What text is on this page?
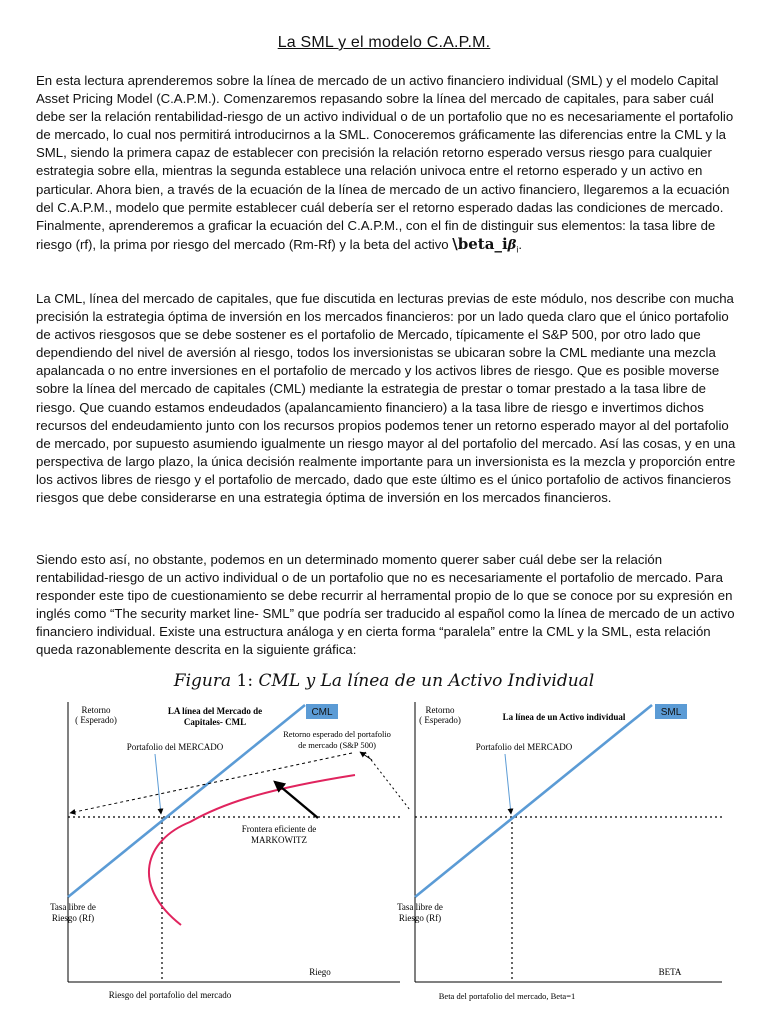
La SML y el modelo C.A.P.M.

En esta lectura aprenderemos sobre la línea de mercado de un activo financiero individual (SML) y el modelo Capital Asset Pricing Model (C.A.P.M.). Comenzaremos repasando sobre la línea del mercado de capitales, para saber cuál debe ser la relación rentabilidad-riesgo de un activo individual o de un portafolio que no es necesariamente el portafolio de mercado, lo cual nos permitirá introducirnos a la SML. Conoceremos gráficamente las diferencias entre la CML y la SML, siendo la primera capaz de establecer con precisión la relación retorno esperado versus riesgo para cualquier estrategia sobre ella, mientras la segunda establece una relación univoca entre el retorno esperado y un activo en particular. Ahora bien, a través de la ecuación de la línea de mercado de un activo financiero, llegaremos a la ecuación del C.A.P.M., modelo que permite establecer cuál debería ser el retorno esperado dadas las condiciones de mercado. Finalmente, aprenderemos a graficar la ecuación del C.A.P.M., con el fin de distinguir sus elementos: la tasa libre de riesgo (rf), la prima por riesgo del mercado (Rm-Rf) y la beta del activo $\backslash beta\_i\beta_i$.

La CML, línea del mercado de capitales, que fue discutida en lecturas previas de este módulo, nos describe con mucha precisión la estrategia óptima de inversión en los mercados financieros: por un lado queda claro que el único portafolio de activos riesgosos que se debe sostener es el portafolio de Mercado, típicamente el S&P 500, por otro lado que dependiendo del nivel de aversión al riesgo, todos los inversionistas se ubicaran sobre la CML mediante una mezcla apalancada o no entre inversiones en el portafolio de mercado y los activos libres de riesgo. Que es posible moverse sobre la línea del mercado de capitales (CML) mediante la estrategia de prestar o tomar prestado a la tasa libre de riesgo. Que cuando estamos endeudados (apalancamiento financiero) a la tasa libre de riesgo e invertimos dichos recursos del endeudamiento junto con los recursos propios podemos tener un retorno esperado mayor al del portafolio de mercado, por supuesto asumiendo igualmente un riesgo mayor al del portafolio del mercado. Así las cosas, y en una perspectiva de largo plazo, la única decisión realmente importante para un inversionista es la mezcla y proporción entre los activos libres de riesgo y el portafolio de mercado, dado que este último es el único portafolio de activos financieros riesgos que debe considerarse en una estrategia óptima de inversión en los mercados financieros.

Siendo esto así, no obstante, podemos en un determinado momento querer saber cuál debe ser la relación rentabilidad-riesgo de un activo individual o de un portafolio que no es necesariamente el portafolio de mercado. Para responder este tipo de cuestionamiento se debe recurrir al herramental propio de lo que se conoce por su expresión en inglés como “The security market line- SML” que podría ser traducido al español como la línea de mercado de un activo financiero individual. Existe una estructura análoga y en cierta forma “paralela” entre la CML y la SML, esta relación queda razonablemente descrita en la siguiente gráfica:

Figura 1: CML y La línea de un Activo Individual
Retorno
( Esperado)
LA línea del Mercado de
Capitales- CML
CML
Portafolio del MERCADO
Retorno esperado del portafolio
de mercado (S&P 500)
Frontera eficiente de
MARKOWITZ
Tasa libre de
Riesgo (Rf)
Riego
Riesgo del portafolio del mercado
Retorno
( Esperado)	La línea de un Activo individual	SML
Portafolio del MERCADO
Tasa libre de
Riesgo (Rf)
BETA
Beta del portafolio del mercado, Beta=1
